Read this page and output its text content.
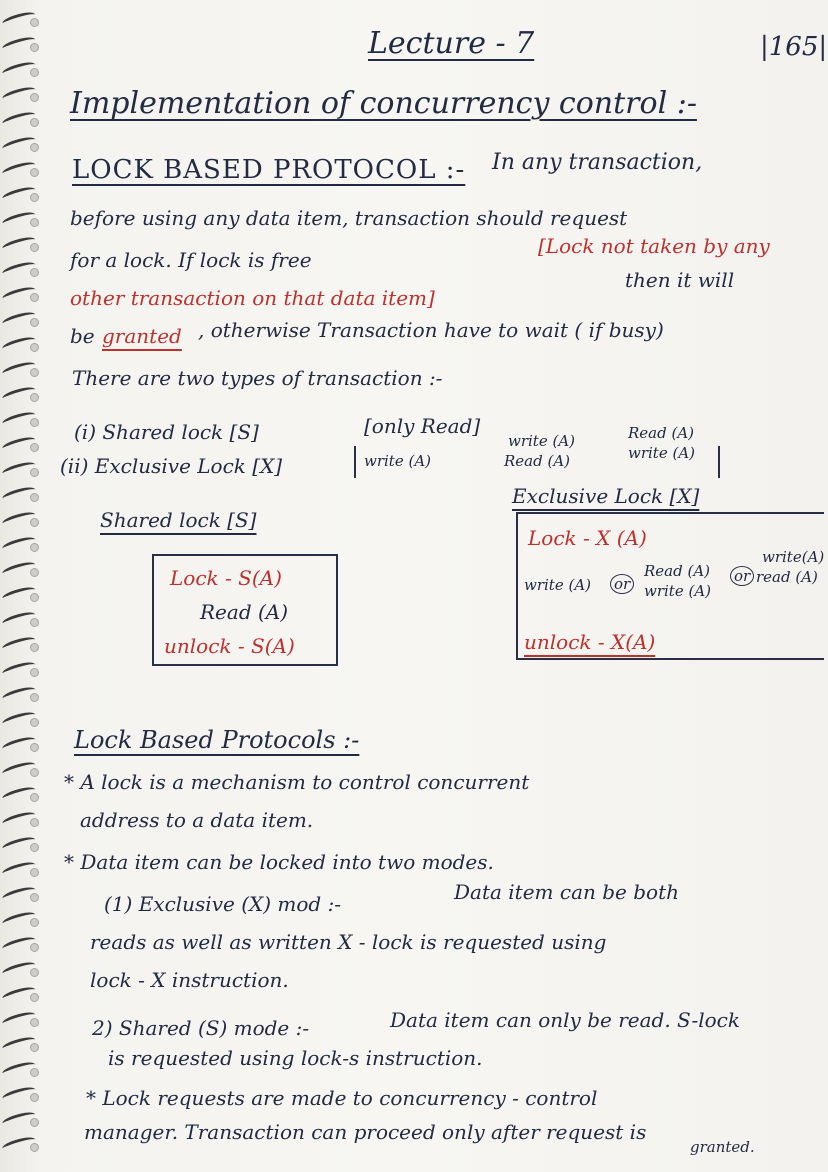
Lecture - 7	|165|
Implementation of concurrency control :-
LOCK BASED PROTOCOL :- In any transaction,
before using any data item, transaction should request
for a lock. If lock is free
[Lock not taken by any
other transaction on that data item]
then it will
be granted , otherwise Transaction have to wait ( if busy)
There are two types of transaction :-
(i) Shared lock [S]	[only Read]
(ii) Exclusive Lock [X]	write (A)
write (A)
Read (A)
Read (A)
write (A)
Shared lock [S]
Exclusive Lock [X]
Lock - S(A)
Read (A)
unlock - S(A)
Lock - X (A)
write (A) or
Read (A)
write (A)
or
write(A)
read (A)
unlock - X(A)
Lock Based Protocols :-
* A lock is a mechanism to control concurrent
address to a data item.
* Data item can be locked into two modes.
(1) Exclusive (X) mod :-	Data item can be both
reads as well as written X - lock is requested using
lock - X instruction.
2) Shared (S) mode :-	Data item can only be read. S-lock
is requested using lock-s instruction.
* Lock requests are made to concurrency - control
manager. Transaction can proceed only after request is
granted.
